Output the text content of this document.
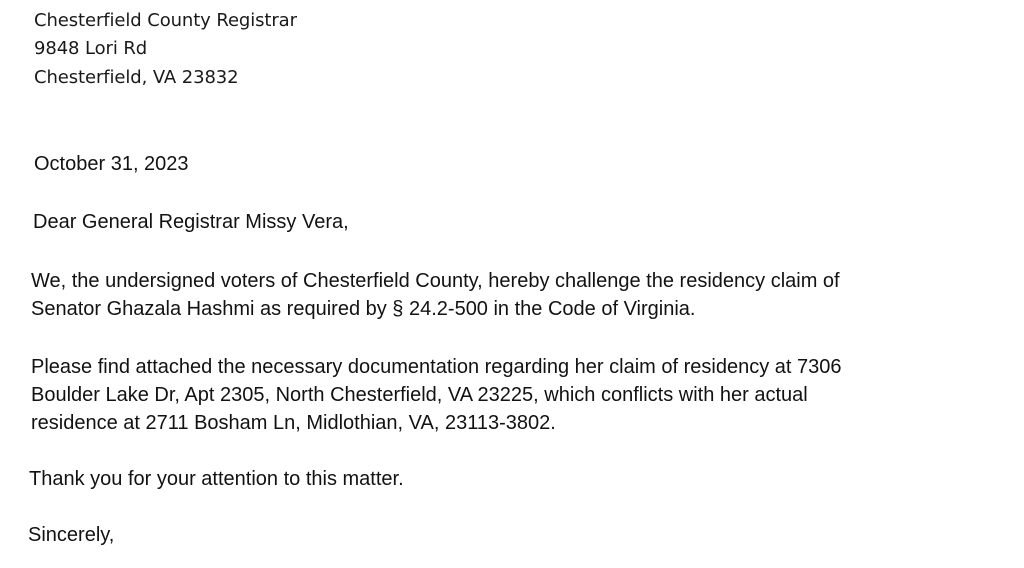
Chesterfield County Registrar
9848 Lori Rd
Chesterfield, VA 23832
October 31, 2023
Dear General Registrar Missy Vera,
We, the undersigned voters of Chesterfield County, hereby challenge the residency claim of
Senator Ghazala Hashmi as required by § 24.2-500 in the Code of Virginia.
Please find attached the necessary documentation regarding her claim of residency at 7306
Boulder Lake Dr, Apt 2305, North Chesterfield, VA 23225, which conflicts with her actual
residence at 2711 Bosham Ln, Midlothian, VA, 23113-3802.
Thank you for your attention to this matter.
Sincerely,
